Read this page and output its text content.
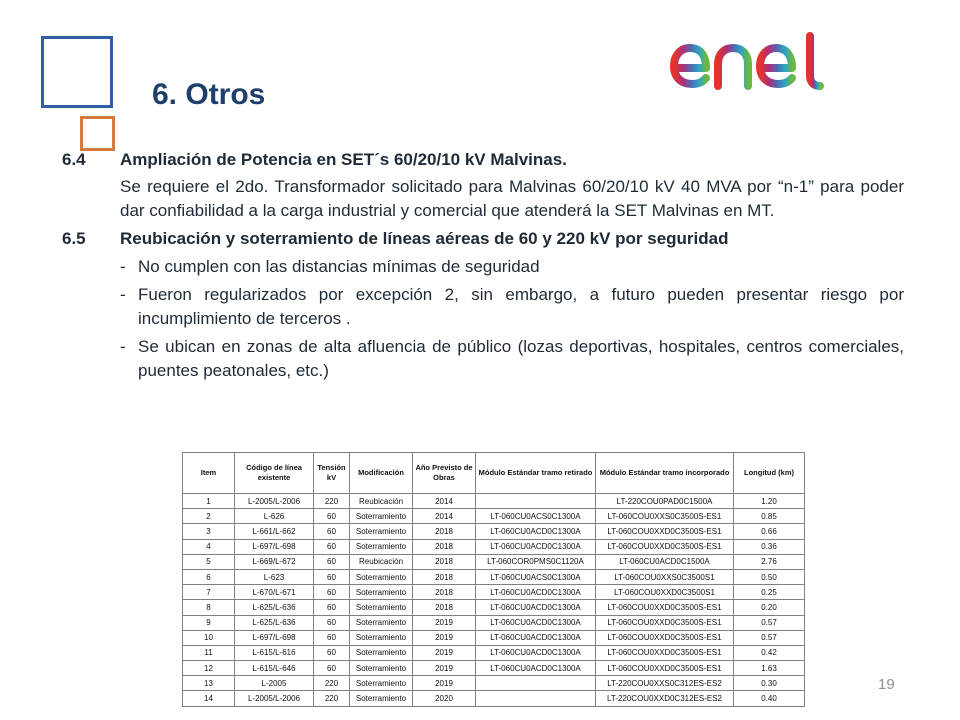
6. Otros
6.4	Ampliación de Potencia en SET´s 60/20/10 kV Malvinas.
Se requiere el 2do. Transformador solicitado para Malvinas 60/20/10 kV 40 MVA por “n-1” para poder dar confiabilidad a la carga industrial y comercial que atenderá la SET Malvinas en MT.
6.5	Reubicación y soterramiento de líneas aéreas de 60 y 220 kV por seguridad
- No cumplen con las distancias mínimas de seguridad
- Fueron regularizados por excepción 2, sin embargo, a futuro pueden presentar riesgo por incumplimiento de terceros .
- Se ubican en zonas de alta afluencia de público (lozas deportivas, hospitales, centros comerciales, puentes peatonales, etc.)
Item	Código de línea existente	Tensión kV	Modificación	Año Previsto de Obras	Módulo Estándar tramo retirado	Módulo Estándar tramo incorporado	Longitud (km)
1	L-2005/L-2006	220	Reubicación	2014		LT-220COU0PAD0C1500A	1.20
2	L-626	60	Soterramiento	2014	LT-060CU0ACS0C1300A	LT-060COU0XXS0C3500S-ES1	0.85
3	L-661/L-662	60	Soterramiento	2018	LT-060CU0ACD0C1300A	LT-060COU0XXD0C3500S-ES1	0.66
4	L-697/L-698	60	Soterramiento	2018	LT-060CU0ACD0C1300A	LT-060COU0XXD0C3500S-ES1	0.36
5	L-669/L-672	60	Reubicación	2018	LT-060COR0PMS0C1120A	LT-060CU0ACD0C1500A	2.76
6	L-623	60	Soterramiento	2018	LT-060CU0ACS0C1300A	LT-060COU0XXS0C3500S1	0.50
7	L-670/L-671	60	Soterramiento	2018	LT-060CU0ACD0C1300A	LT-060COU0XXD0C3500S1	0.25
8	L-625/L-636	60	Soterramiento	2018	LT-060CU0ACD0C1300A	LT-060COU0XXD0C3500S-ES1	0.20
9	L-625/L-636	60	Soterramiento	2019	LT-060CU0ACD0C1300A	LT-060COU0XXD0C3500S-ES1	0.57
10	L-697/L-698	60	Soterramiento	2019	LT-060CU0ACD0C1300A	LT-060COU0XXD0C3500S-ES1	0.57
11	L-615/L-616	60	Soterramiento	2019	LT-060CU0ACD0C1300A	LT-060COU0XXD0C3500S-ES1	0.42
12	L-615/L-646	60	Soterramiento	2019	LT-060CU0ACD0C1300A	LT-060COU0XXD0C3500S-ES1	1.63
13	L-2005	220	Soterramiento	2019		LT-220COU0XXS0C312ES-ES2	0.30
14	L-2005/L-2006	220	Soterramiento	2020		LT-220COU0XXD0C312ES-ES2	0.40
19
